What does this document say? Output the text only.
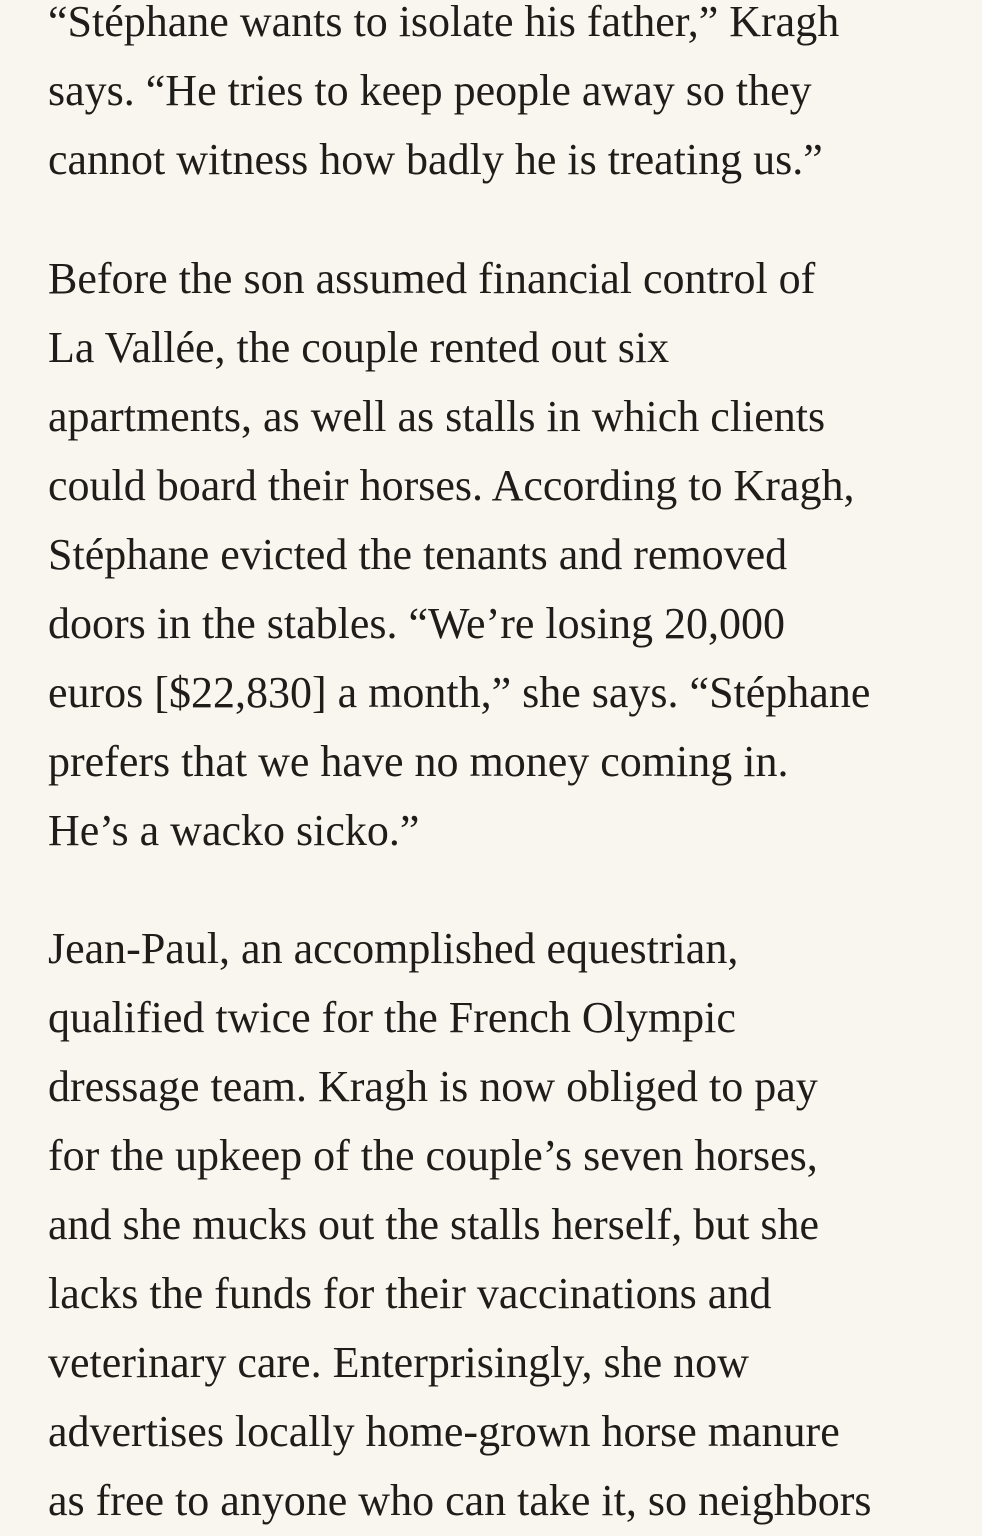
“Stéphane wants to isolate his father,” Kragh
says. “He tries to keep people away so they
cannot witness how badly he is treating us.”

Before the son assumed financial control of
La Vallée, the couple rented out six
apartments, as well as stalls in which clients
could board their horses. According to Kragh,
Stéphane evicted the tenants and removed
doors in the stables. “We’re losing 20,000
euros [$22,830] a month,” she says. “Stéphane
prefers that we have no money coming in.
He’s a wacko sicko.”

Jean-Paul, an accomplished equestrian,
qualified twice for the French Olympic
dressage team. Kragh is now obliged to pay
for the upkeep of the couple’s seven horses,
and she mucks out the stalls herself, but she
lacks the funds for their vaccinations and
veterinary care. Enterprisingly, she now
advertises locally home-grown horse manure
as free to anyone who can take it, so neighbors
